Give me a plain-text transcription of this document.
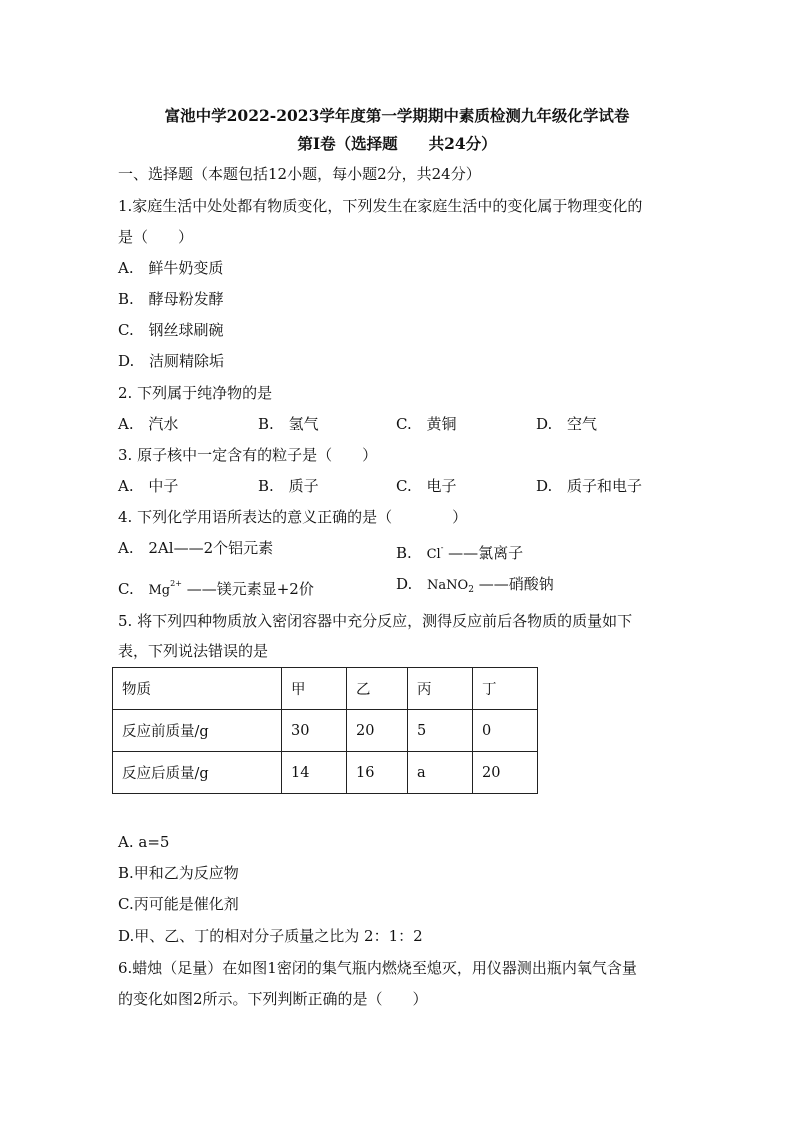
富池中学2022-2023学年度第一学期期中素质检测九年级化学试卷
第Ⅰ卷（选择题　　共24分）
一、选择题（本题包括12小题，每小题2分，共24分）
1.家庭生活中处处都有物质变化，下列发生在家庭生活中的变化属于物理变化的
是（　　）
A. 鲜牛奶变质
B. 酵母粉发酵
C. 钢丝球刷碗
D. 洁厕精除垢
2. 下列属于纯净物的是
A. 汽水	B. 氢气	C. 黄铜	D. 空气
3. 原子核中一定含有的粒子是（　　）
A. 中子	B. 质子	C. 电子	D. 质子和电子
4. 下列化学用语所表达的意义正确的是（　　　　）
A. 2Al——2个铝元素	B. Cl- ——氯离子
C. $Mg^{2+}$ ——镁元素显+2价	D. NaNO$_2$ ——硝酸钠
5. 将下列四种物质放入密闭容器中充分反应，测得反应前后各物质的质量如下
表，下列说法错误的是
物质	甲	乙	丙	丁
反应前质量/g	30	20	5	0
反应后质量/g	14	16	a	20
A. a=5
B.甲和乙为反应物
C.丙可能是催化剂
D.甲、乙、丁的相对分子质量之比为 2：1：2
6.蜡烛（足量）在如图1密闭的集气瓶内燃烧至熄灭，用仪器测出瓶内氧气含量
的变化如图2所示。下列判断正确的是（　　）
